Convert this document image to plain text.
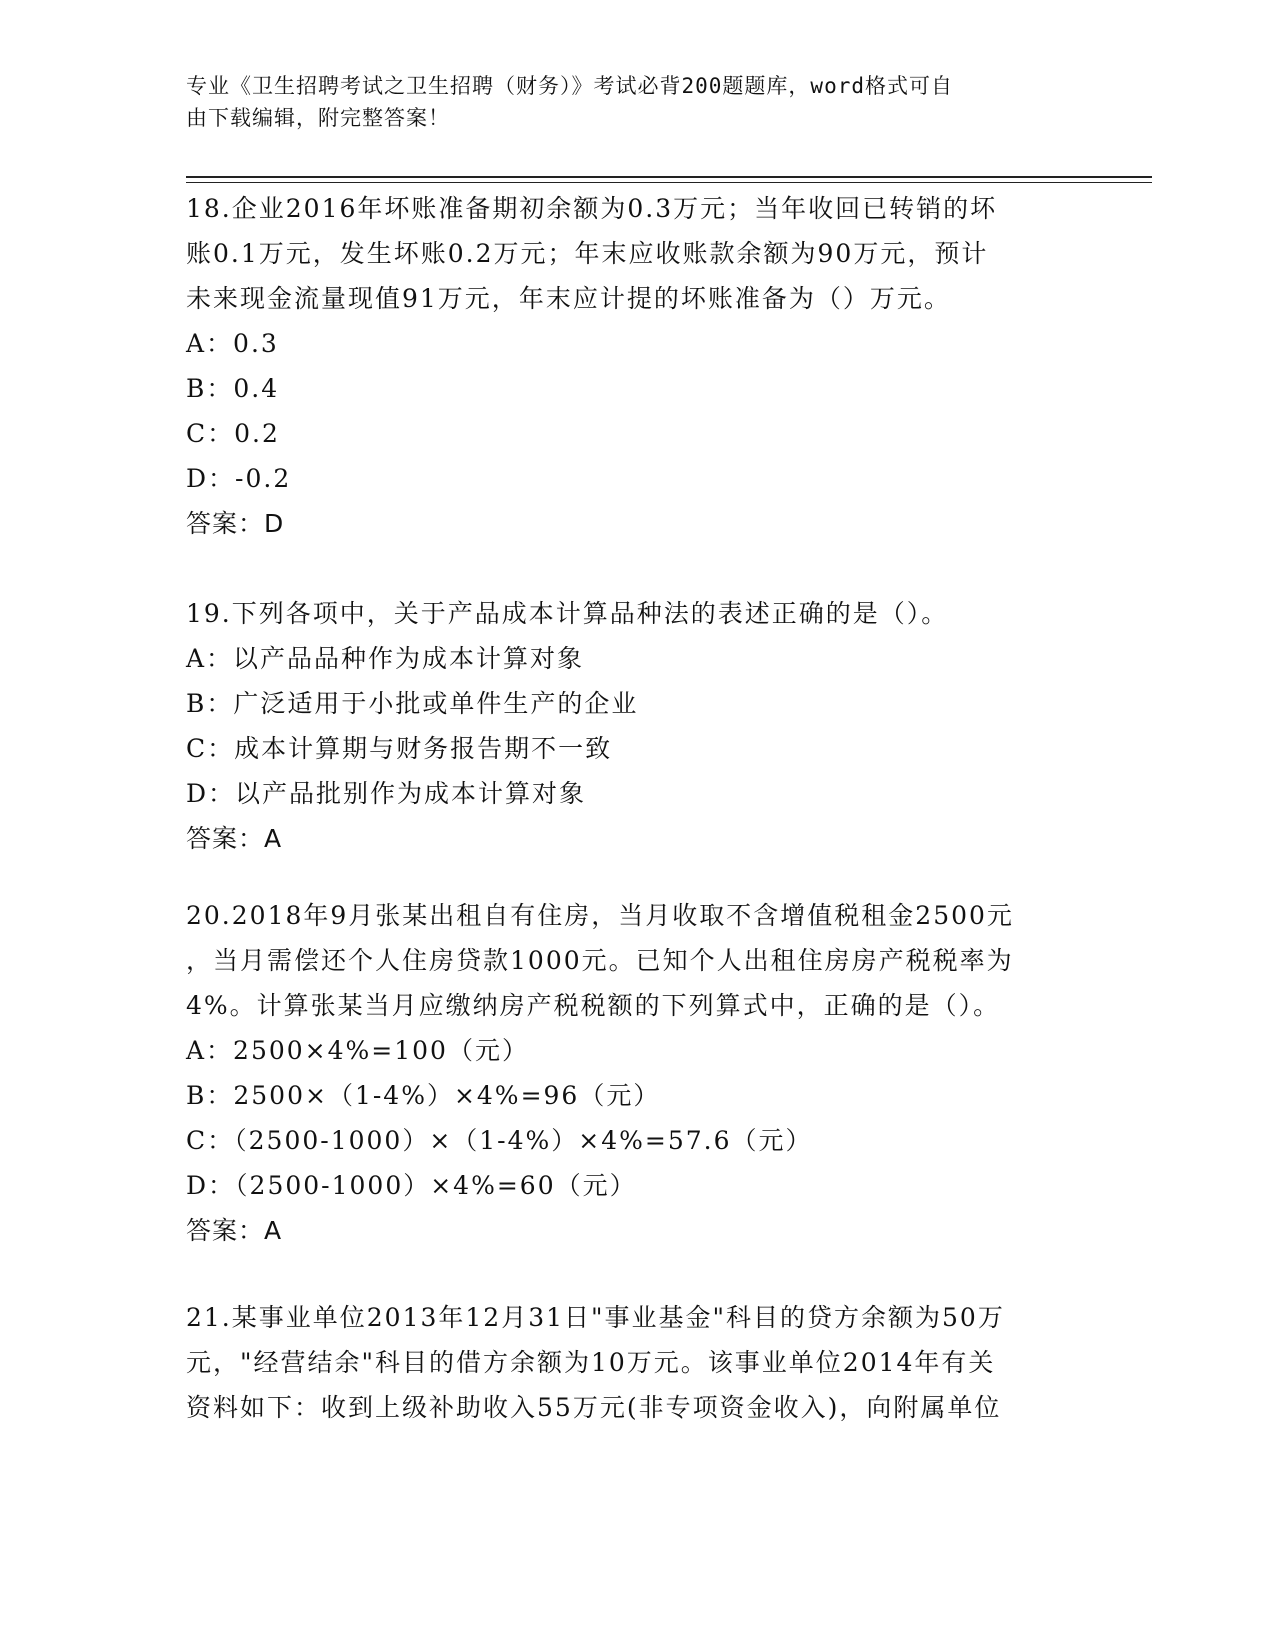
专业《卫生招聘考试之卫生招聘（财务）》考试必背200题题库，word格式可自
由下载编辑，附完整答案！
18.企业2016年坏账准备期初余额为0.3万元；当年收回已转销的坏
账0.1万元，发生坏账0.2万元；年末应收账款余额为90万元，预计
未来现金流量现值91万元，年末应计提的坏账准备为（）万元。
A：0.3
B：0.4
C：0.2
D：-0.2
答案：D
19.下列各项中，关于产品成本计算品种法的表述正确的是（）。
A：以产品品种作为成本计算对象
B：广泛适用于小批或单件生产的企业
C：成本计算期与财务报告期不一致
D：以产品批别作为成本计算对象
答案：A
20.2018年9月张某出租自有住房，当月收取不含增值税租金2500元
，当月需偿还个人住房贷款1000元。已知个人出租住房房产税税率为
4%。计算张某当月应缴纳房产税税额的下列算式中，正确的是（）。
A：2500×4%=100（元）
B：2500×（1-4%）×4%=96（元）
C：（2500-1000）×（1-4%）×4%=57.6（元）
D：（2500-1000）×4%=60（元）
答案：A
21.某事业单位2013年12月31日"事业基金"科目的贷方余额为50万
元，"经营结余"科目的借方余额为10万元。该事业单位2014年有关
资料如下：收到上级补助收入55万元(非专项资金收入)，向附属单位
